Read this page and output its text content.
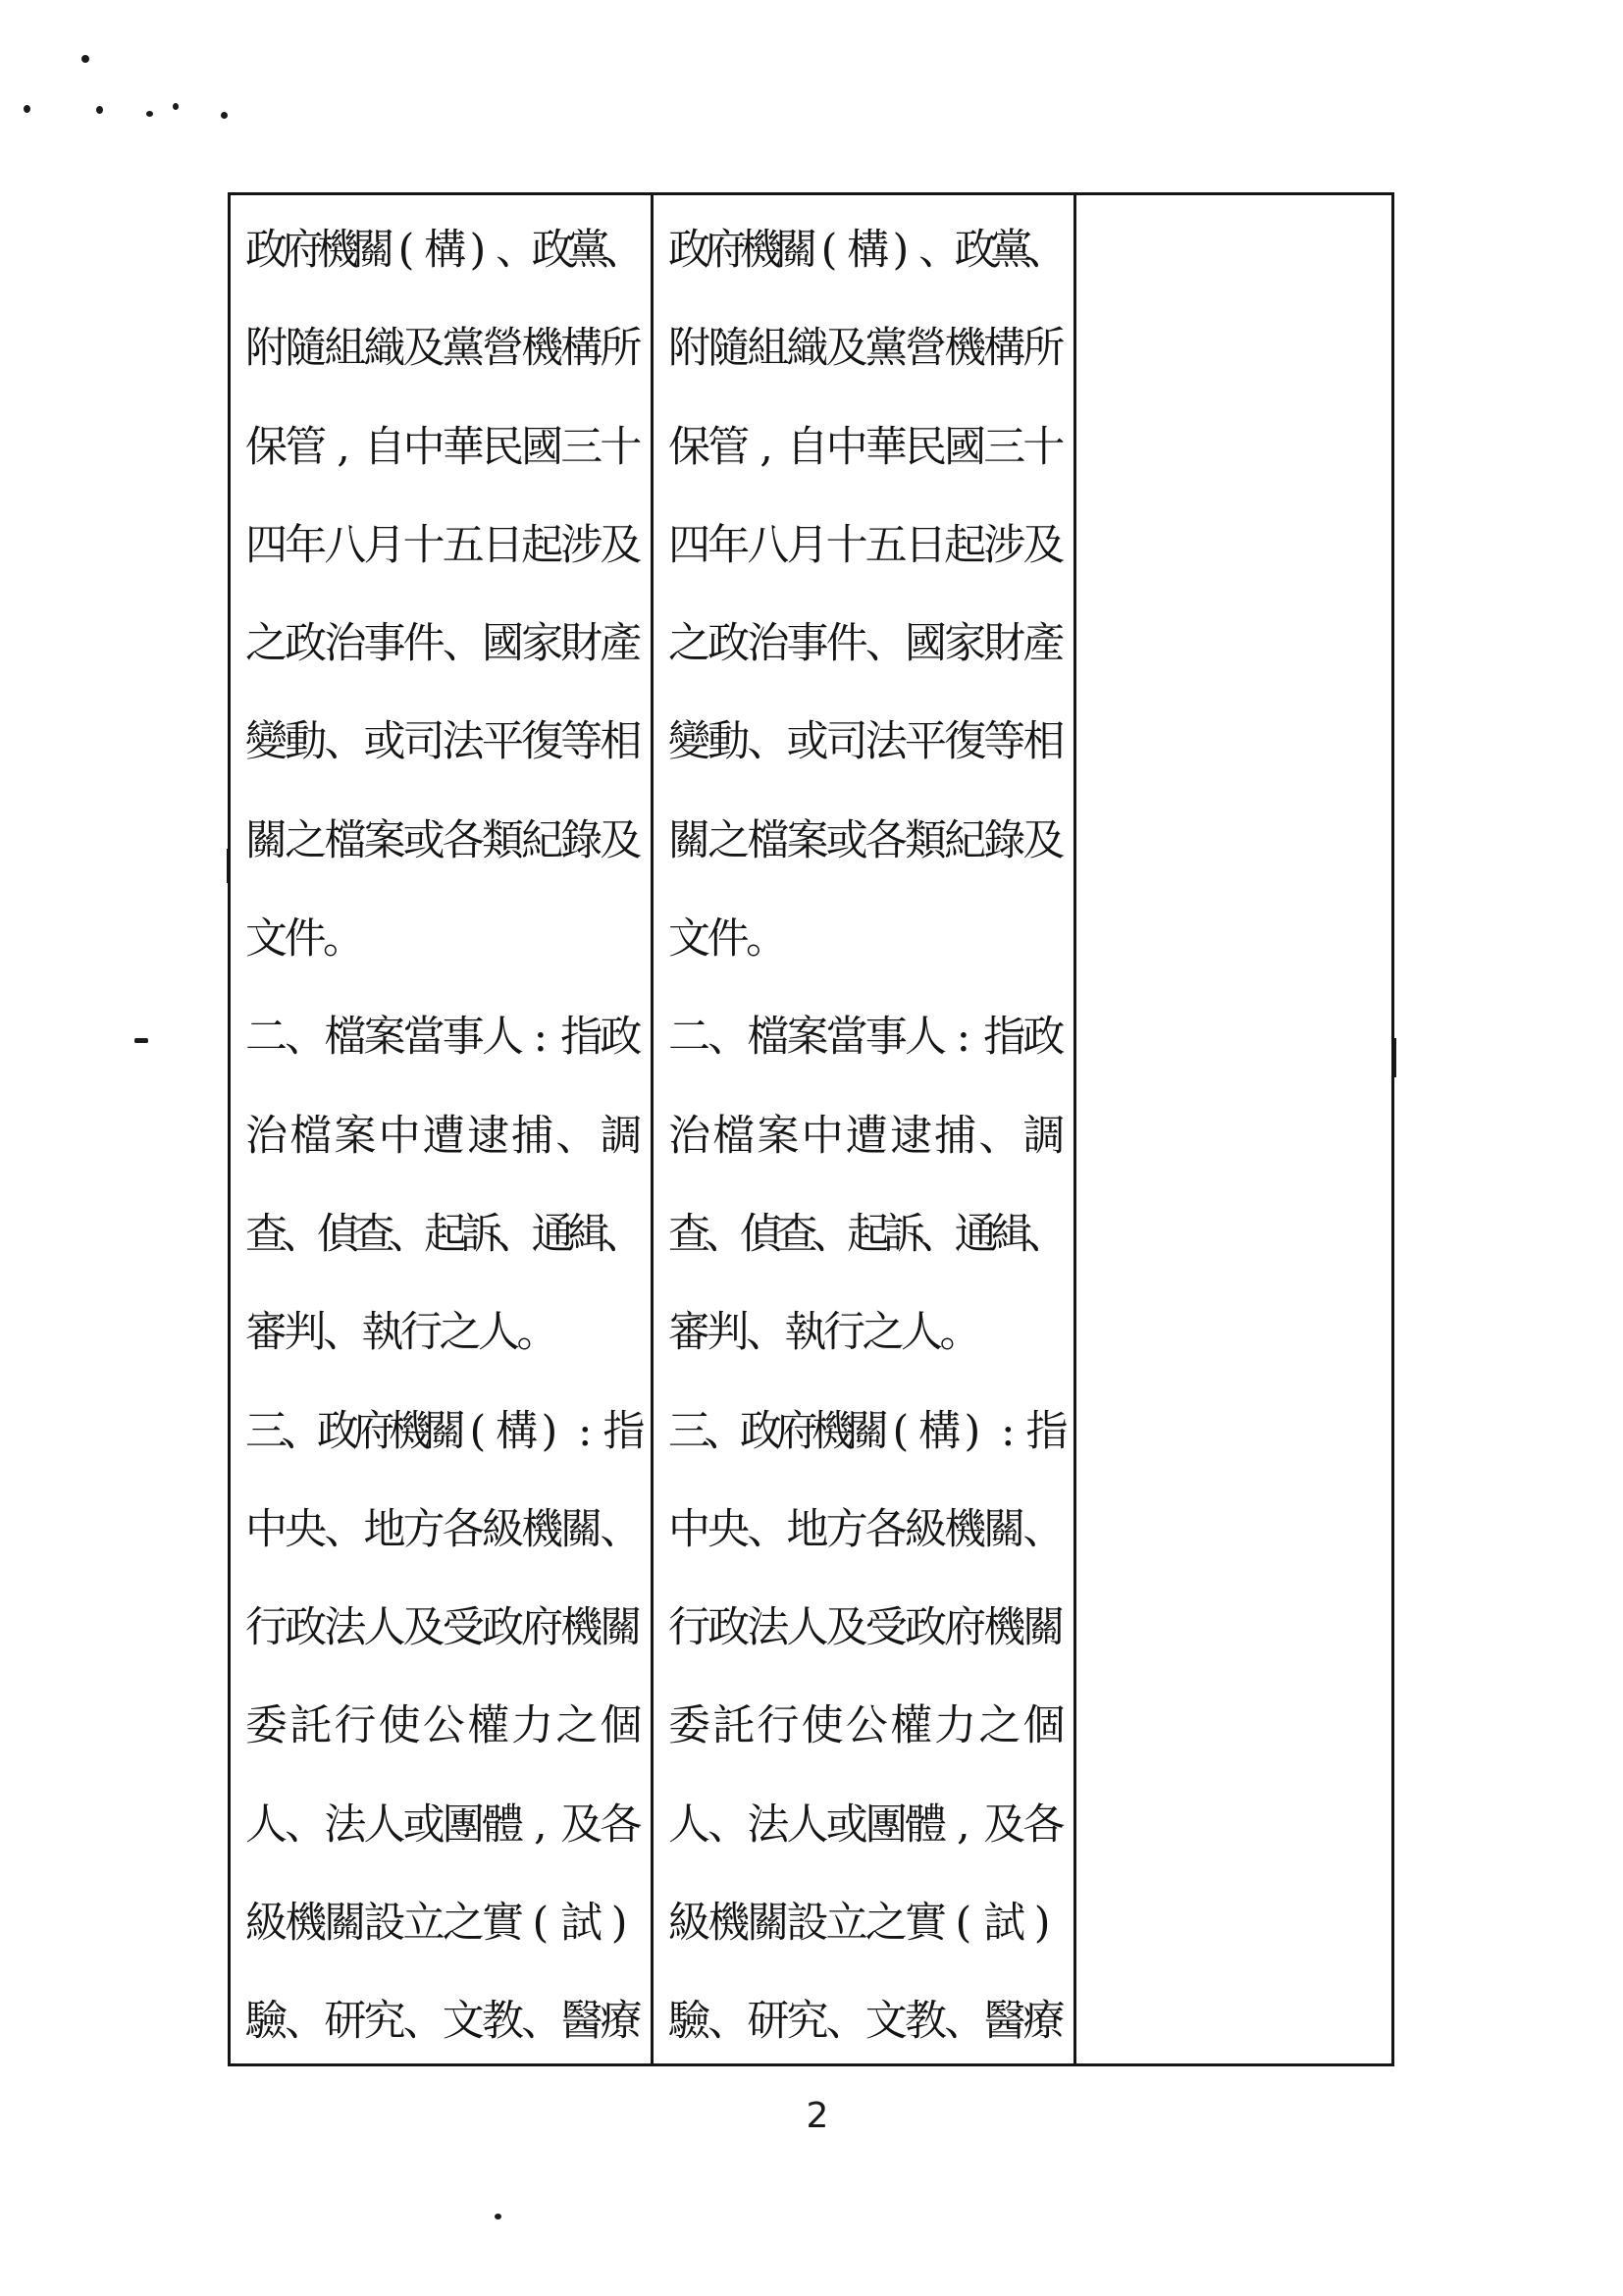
政
府
機
關 ( 構 ) 、
政
黨
、
附
隨
組
織
及
黨
營
機
構
所
保
管 , 自
中
華
民
國
三
十
四
年
八
月
十
五
日
起
涉
及
之
政
治
事
件
、
國
家
財
產
變
動
、
或
司
法
平
復
等
相
關
之
檔
案
或
各
類
紀
錄
及
文
件
。
二
、
檔
案
當
事
人 : 指
政
治 檔 案 中 遭 逮 捕 、 調
查
、
偵
查
、
起
訴
、
通
緝
、
審
判
、
執
行
之
人
。
三
、
政
府
機
關 ( 構 ) : 指
中
央
、
地
方
各
級
機
關
、
行
政
法
人
及
受
政
府
機
關
委 託 行 使 公 權 力 之 個
人
、
法
人
或
團
體 , 及
各
級
機
關
設
立
之
實 ( 試 )
驗
、
研
究
、
文
教
、
醫
療
政
府
機
關 ( 構 ) 、
政
黨
、
附
隨
組
織
及
黨
營
機
構
所
保
管 , 自
中
華
民
國
三
十
四
年
八
月
十
五
日
起
涉
及
之
政
治
事
件
、
國
家
財
產
變
動
、
或
司
法
平
復
等
相
關
之
檔
案
或
各
類
紀
錄
及
文
件
。
二
、
檔
案
當
事
人 : 指
政
治 檔 案 中 遭 逮 捕 、 調
查
、
偵
查
、
起
訴
、
通
緝
、
審
判
、
執
行
之
人
。
三
、
政
府
機
關 ( 構 ) : 指
中
央
、
地
方
各
級
機
關
、
行
政
法
人
及
受
政
府
機
關
委 託 行 使 公 權 力 之 個
人
、
法
人
或
團
體 , 及
各
級
機
關
設
立
之
實 ( 試 )
驗
、
研
究
、
文
教
、
醫
療
2
